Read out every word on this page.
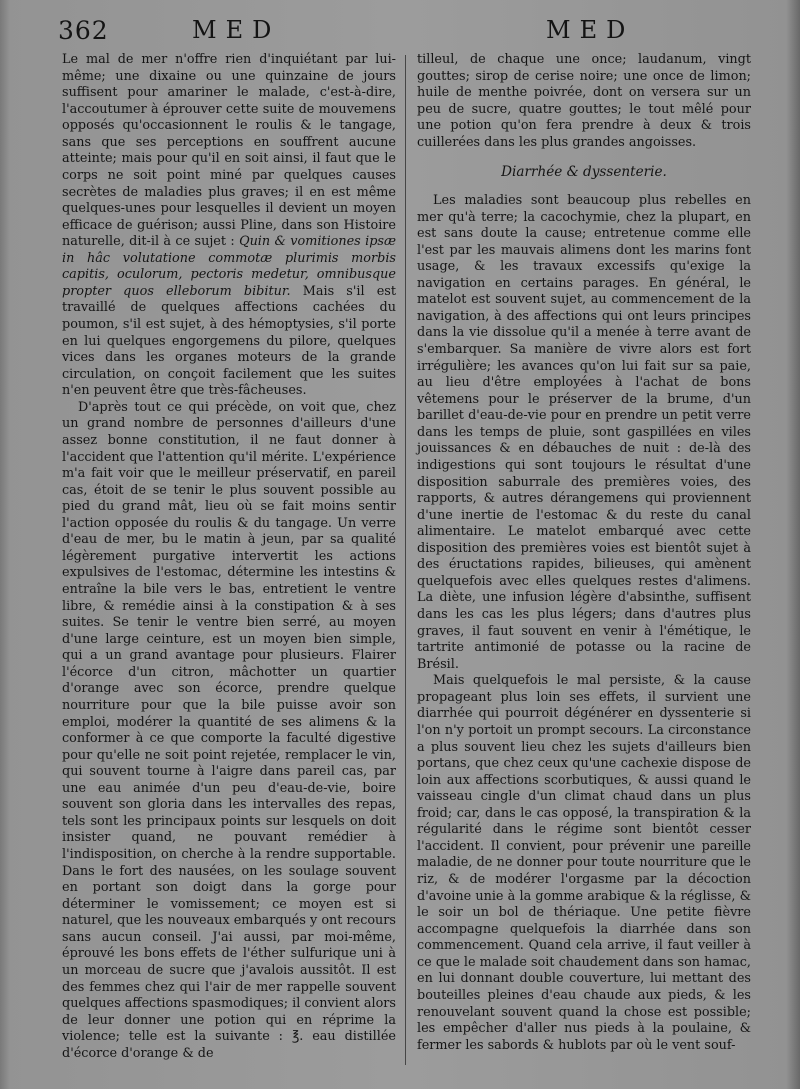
362	MED	MED

Le mal de mer n'offre rien d'inquiétant par lui-même; une dixaine ou une quinzaine de jours suffisent pour amariner le malade, c'est-à-dire, l'accoutumer à éprouver cette suite de mouvemens opposés qu'occasionnent le roulis & le tangage, sans que ses perceptions en souffrent aucune atteinte; mais pour qu'il en soit ainsi, il faut que le corps ne soit point miné par quelques causes secrètes de maladies plus graves; il en est même quelques-unes pour lesquelles il devient un moyen efficace de guérison; aussi Pline, dans son Histoire naturelle, dit-il à ce sujet : Quin & vomitiones ipsæ in hâc volutatione commotæ plurimis morbis capitis, oculorum, pectoris medetur, omnibusque propter quos elleborum bibitur. Mais s'il est travaillé de quelques affections cachées du poumon, s'il est sujet, à des hémoptysies, s'il porte en lui quelques engorgemens du pilore, quelques vices dans les organes moteurs de la grande circulation, on conçoit facilement que les suites n'en peuvent être que très-fâcheuses.

D'après tout ce qui précède, on voit que, chez un grand nombre de personnes d'ailleurs d'une assez bonne constitution, il ne faut donner à l'accident que l'attention qu'il mérite. L'expérience m'a fait voir que le meilleur préservatif, en pareil cas, étoit de se tenir le plus souvent possible au pied du grand mât, lieu où se fait moins sentir l'action opposée du roulis & du tangage. Un verre d'eau de mer, bu le matin à jeun, par sa qualité légèrement purgative intervertit les actions expulsives de l'estomac, détermine les intestins & entraîne la bile vers le bas, entretient le ventre libre, & remédie ainsi à la constipation & à ses suites. Se tenir le ventre bien serré, au moyen d'une large ceinture, est un moyen bien simple, qui a un grand avantage pour plusieurs. Flairer l'écorce d'un citron, mâchotter un quartier d'orange avec son écorce, prendre quelque nourriture pour que la bile puisse avoir son emploi, modérer la quantité de ses alimens & la conformer à ce que comporte la faculté digestive pour qu'elle ne soit point rejetée, remplacer le vin, qui souvent tourne à l'aigre dans pareil cas, par une eau animée d'un peu d'eau-de-vie, boire souvent son gloria dans les intervalles des repas, tels sont les principaux points sur lesquels on doit insister quand, ne pouvant remédier à l'indisposition, on cherche à la rendre supportable. Dans le fort des nausées, on les soulage souvent en portant son doigt dans la gorge pour déterminer le vomissement; ce moyen est si naturel, que les nouveaux embarqués y ont recours sans aucun conseil. J'ai aussi, par moi-même, éprouvé les bons effets de l'éther sulfurique uni à un morceau de sucre que j'avalois aussitôt. Il est des femmes chez qui l'air de mer rappelle souvent quelques affections spasmodiques; il convient alors de leur donner une potion qui en réprime la violence; telle est la suivante : ℥. eau distillée d'écorce d'orange & de

tilleul, de chaque une once; laudanum, vingt gouttes; sirop de cerise noire; une once de limon; huile de menthe poivrée, dont on versera sur un peu de sucre, quatre gouttes; le tout mêlé pour une potion qu'on fera prendre à deux & trois cuillerées dans les plus grandes angoisses.

Diarrhée & dyssenterie.

Les maladies sont beaucoup plus rebelles en mer qu'à terre; la cacochymie, chez la plupart, en est sans doute la cause; entretenue comme elle l'est par les mauvais alimens dont les marins font usage, & les travaux excessifs qu'exige la navigation en certains parages. En général, le matelot est souvent sujet, au commencement de la navigation, à des affections qui ont leurs principes dans la vie dissolue qu'il a menée à terre avant de s'embarquer. Sa manière de vivre alors est fort irrégulière; les avances qu'on lui fait sur sa paie, au lieu d'être employées à l'achat de bons vêtemens pour le préserver de la brume, d'un barillet d'eau-de-vie pour en prendre un petit verre dans les temps de pluie, sont gaspillées en viles jouissances & en débauches de nuit : de-là des indigestions qui sont toujours le résultat d'une disposition saburrale des premières voies, des rapports, & autres dérangemens qui proviennent d'une inertie de l'estomac & du reste du canal alimentaire. Le matelot embarqué avec cette disposition des premières voies est bientôt sujet à des éructations rapides, bilieuses, qui amènent quelquefois avec elles quelques restes d'alimens. La diète, une infusion légère d'absinthe, suffisent dans les cas les plus légers; dans d'autres plus graves, il faut souvent en venir à l'émétique, le tartrite antimonié de potasse ou la racine de Brésil.

Mais quelquefois le mal persiste, & la cause propageant plus loin ses effets, il survient une diarrhée qui pourroit dégénérer en dyssenterie si l'on n'y portoit un prompt secours. La circonstance a plus souvent lieu chez les sujets d'ailleurs bien portans, que chez ceux qu'une cachexie dispose de loin aux affections scorbutiques, & aussi quand le vaisseau cingle d'un climat chaud dans un plus froid; car, dans le cas opposé, la transpiration & la régularité dans le régime sont bientôt cesser l'accident. Il convient, pour prévenir une pareille maladie, de ne donner pour toute nourriture que le riz, & de modérer l'orgasme par la décoction d'avoine unie à la gomme arabique & la réglisse, & le soir un bol de thériaque. Une petite fièvre accompagne quelquefois la diarrhée dans son commencement. Quand cela arrive, il faut veiller à ce que le malade soit chaudement dans son hamac, en lui donnant double couverture, lui mettant des bouteilles pleines d'eau chaude aux pieds, & les renouvelant souvent quand la chose est possible; les empêcher d'aller nus pieds à la poulaine, & fermer les sabords & hublots par où le vent souf-
